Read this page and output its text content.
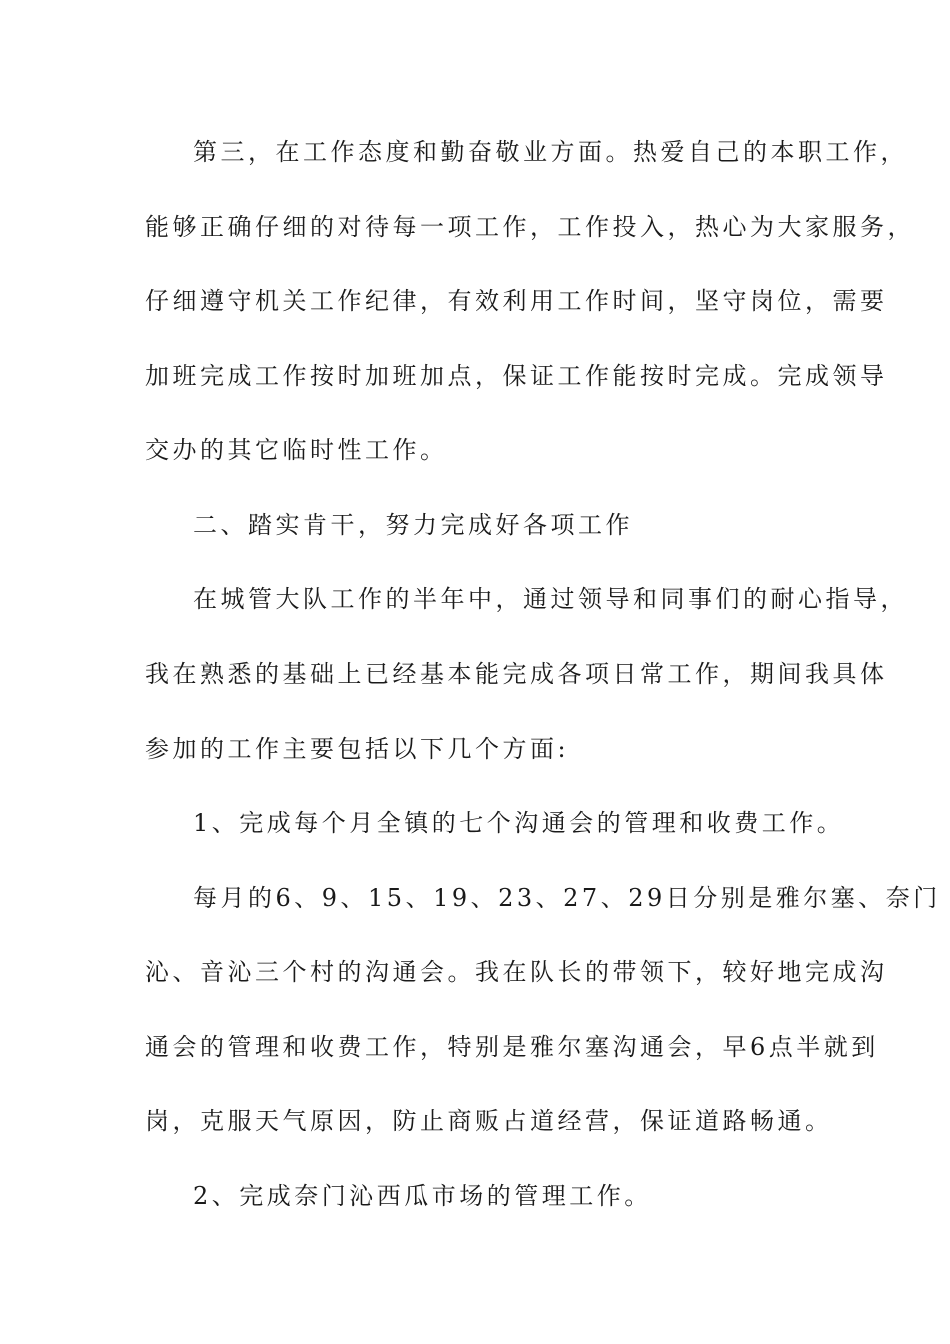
第三，在工作态度和勤奋敬业方面。热爱自己的本职工作，
能够正确仔细的对待每一项工作，工作投入，热心为大家服务，
仔细遵守机关工作纪律，有效利用工作时间，坚守岗位，需要
加班完成工作按时加班加点，保证工作能按时完成。完成领导
交办的其它临时性工作。
二、踏实肯干，努力完成好各项工作
在城管大队工作的半年中，通过领导和同事们的耐心指导，
我在熟悉的基础上已经基本能完成各项日常工作，期间我具体
参加的工作主要包括以下几个方面:
1、完成每个月全镇的七个沟通会的管理和收费工作。
每月的6、9、15、19、23、27、29日分别是雅尔塞、奈门
沁、音沁三个村的沟通会。我在队长的带领下，较好地完成沟
通会的管理和收费工作，特别是雅尔塞沟通会，早6点半就到
岗，克服天气原因，防止商贩占道经营，保证道路畅通。
2、完成奈门沁西瓜市场的管理工作。
